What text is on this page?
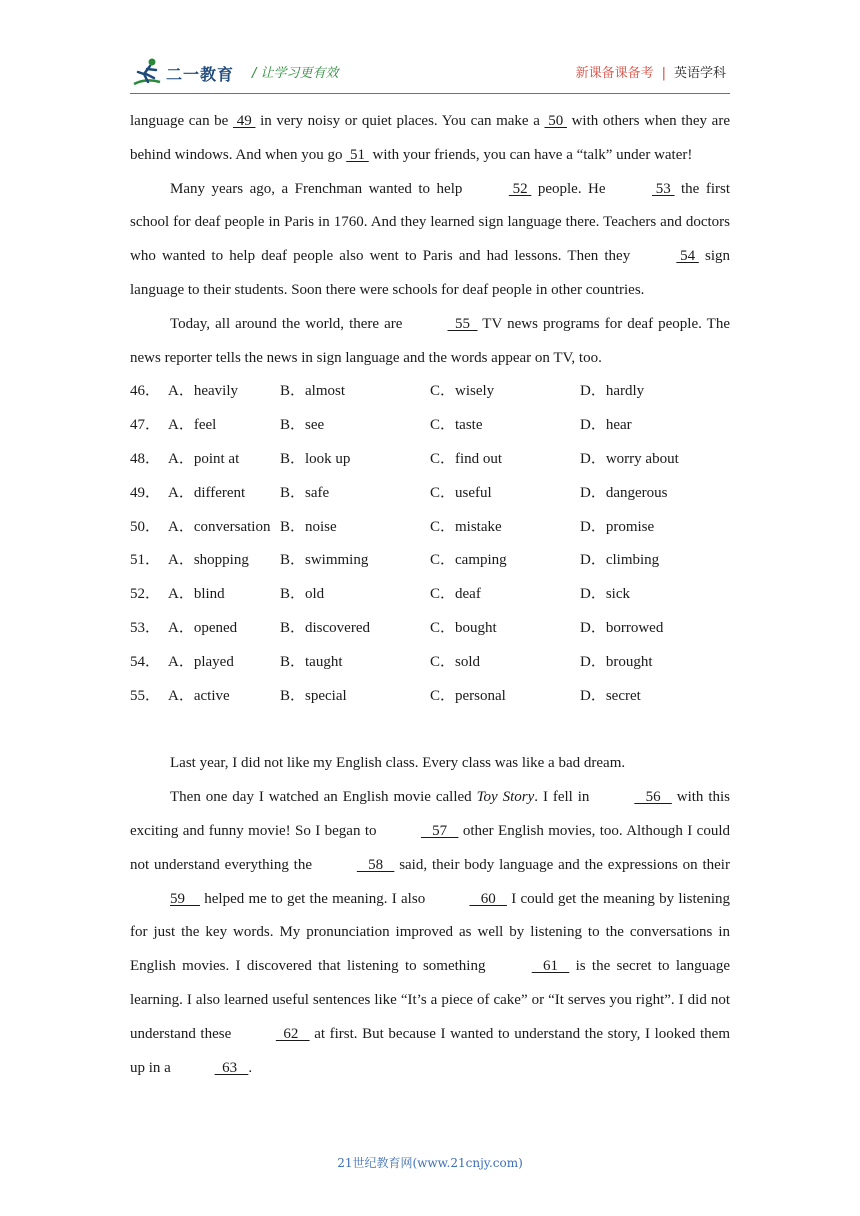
二一教育 / 让学习更有效	新课备课备考 | 英语学科

language can be  49  in very noisy or quiet places. You can make a  50  with others when they are behind windows. And when you go  51  with your friends, you can have a “talk” under water!

Many years ago, a Frenchman wanted to help	52  people. He	53  the first school for deaf people in Paris in 1760. And they learned sign language there. Teachers and doctors who wanted to help deaf people also went to Paris and had lessons. Then they	54  sign language to their students. Soon there were schools for deaf people in other countries.

Today, all around the world, there are	55   TV news programs for deaf people. The news reporter tells the news in sign language and the words appear on TV, too.

46． A．heavily	B．almost	C．wisely	D．hardly
47． A．feel	B．see	C．taste	D．hear
48． A．point at	B．look up	C．find out	D．worry about
49． A．different	B．safe	C．useful	D．dangerous
50． A．conversation B．noise	C．mistake	D．promise
51． A．shopping	B．swimming	C．camping	D．climbing
52． A．blind	B．old	C．deaf	D．sick
53． A．opened	B．discovered	C．bought	D．borrowed
54． A．played	B．taught	C．sold	D．brought
55． A．active	B．special	C．personal	D．secret

Last year, I did not like my English class. Every class was like a bad dream.

Then one day I watched an English movie called Toy Story. I fell in	56    with this exciting and funny movie! So I began to	57    other English movies, too. Although I could not understand everything the	58    said, their body language and the expressions on their 59     helped me to get the meaning. I also	60    I could get the meaning by listening for just the key words. My pronunciation improved as well by listening to the conversations in English movies. I discovered that listening to something	61    is the secret to language learning. I also learned useful sentences like “It’s a piece of cake” or “It serves you right”. I did not understand these	62    at first. But because I wanted to understand the story, I looked them up in a	63   .

21世纪教育网(www.21cnjy.com)
